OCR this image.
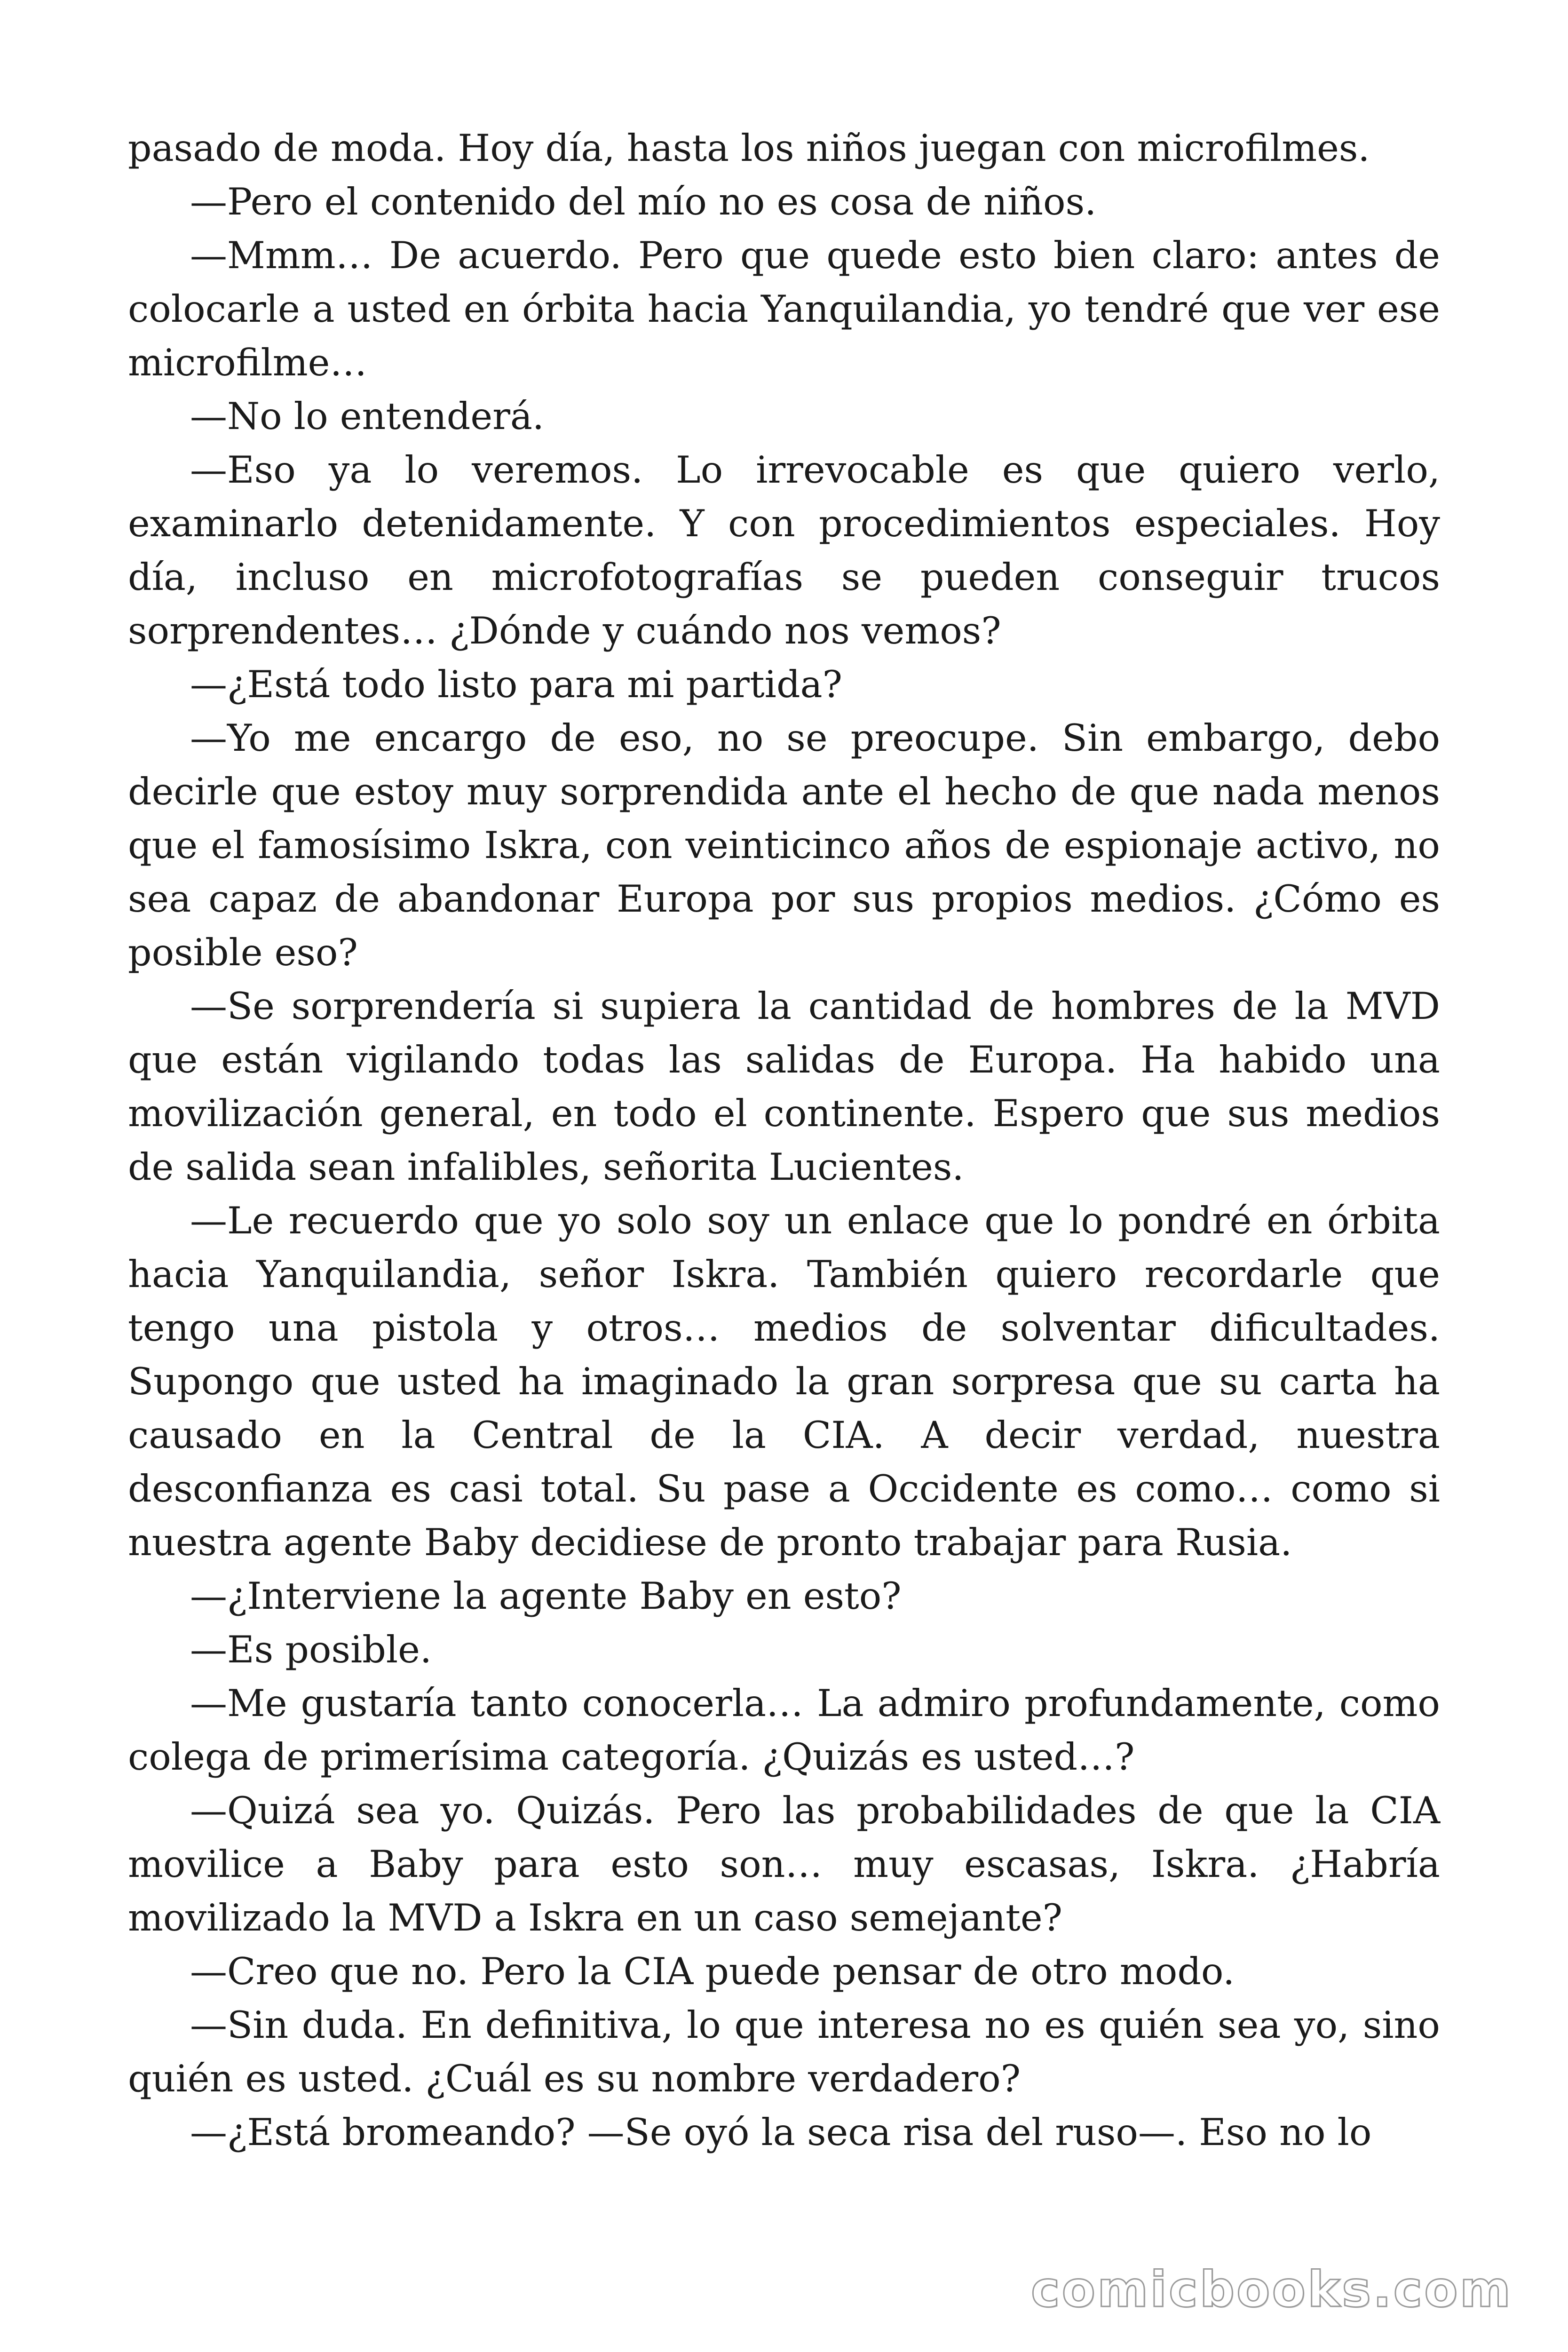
pasado de moda. Hoy día, hasta los niños juegan con microfilmes.

—Pero el contenido del mío no es cosa de niños.

—Mmm… De acuerdo. Pero que quede esto bien claro: antes de colocarle a usted en órbita hacia Yanquilandia, yo tendré que ver ese microfilme…

—No lo entenderá.

—Eso ya lo veremos. Lo irrevocable es que quiero verlo, examinarlo detenidamente. Y con procedimientos especiales. Hoy día, incluso en microfotografías se pueden conseguir trucos sorprendentes… ¿Dónde y cuándo nos vemos?

—¿Está todo listo para mi partida?

—Yo me encargo de eso, no se preocupe. Sin embargo, debo decirle que estoy muy sorprendida ante el hecho de que nada menos que el famosísimo Iskra, con veinticinco años de espionaje activo, no sea capaz de abandonar Europa por sus propios medios. ¿Cómo es posible eso?

—Se sorprendería si supiera la cantidad de hombres de la MVD que están vigilando todas las salidas de Europa. Ha habido una movilización general, en todo el continente. Espero que sus medios de salida sean infalibles, señorita Lucientes.

—Le recuerdo que yo solo soy un enlace que lo pondré en órbita hacia Yanquilandia, señor Iskra. También quiero recordarle que tengo una pistola y otros… medios de solventar dificultades. Supongo que usted ha imaginado la gran sorpresa que su carta ha causado en la Central de la CIA. A decir verdad, nuestra desconfianza es casi total. Su pase a Occidente es como… como si nuestra agente Baby decidiese de pronto trabajar para Rusia.

—¿Interviene la agente Baby en esto?

—Es posible.

—Me gustaría tanto conocerla… La admiro profundamente, como colega de primerísima categoría. ¿Quizás es usted…?

—Quizá sea yo. Quizás. Pero las probabilidades de que la CIA movilice a Baby para esto son… muy escasas, Iskra. ¿Habría movilizado la MVD a Iskra en un caso semejante?

—Creo que no. Pero la CIA puede pensar de otro modo.

—Sin duda. En definitiva, lo que interesa no es quién sea yo, sino quién es usted. ¿Cuál es su nombre verdadero?

—¿Está bromeando? —Se oyó la seca risa del ruso—. Eso no lo

comicbooks.com
